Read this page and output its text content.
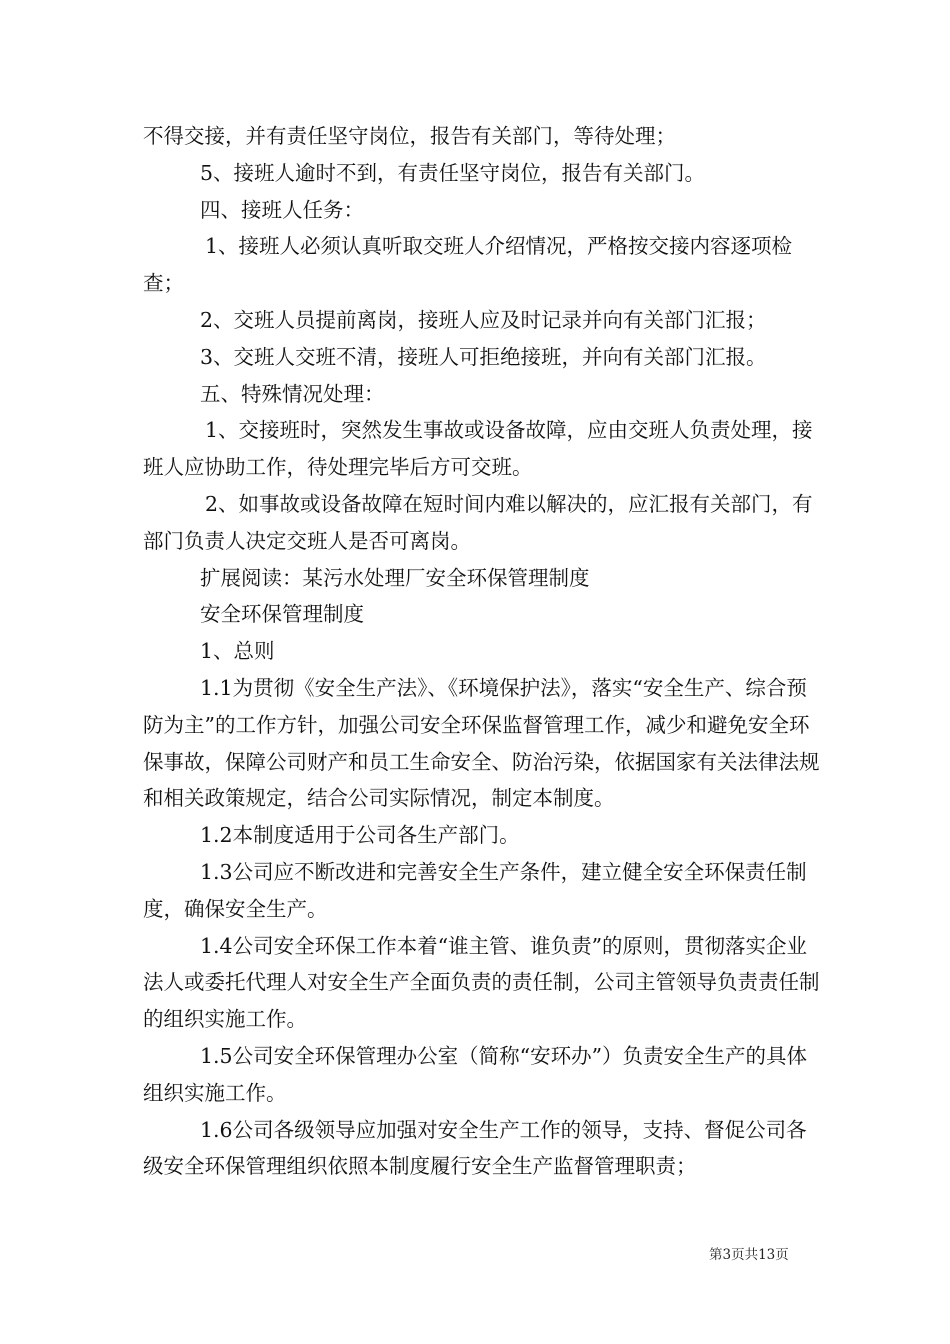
不得交接，并有责任坚守岗位，报告有关部门，等待处理；

5、接班人逾时不到，有责任坚守岗位，报告有关部门。

四、接班人任务：

1、接班人必须认真听取交班人介绍情况，严格按交接内容逐项检查；

2、交班人员提前离岗，接班人应及时记录并向有关部门汇报；

3、交班人交班不清，接班人可拒绝接班，并向有关部门汇报。

五、特殊情况处理：

1、交接班时，突然发生事故或设备故障，应由交班人负责处理，接班人应协助工作，待处理完毕后方可交班。

2、如事故或设备故障在短时间内难以解决的，应汇报有关部门，有部门负责人决定交班人是否可离岗。

扩展阅读：某污水处理厂安全环保管理制度

安全环保管理制度

1、总则

1.1为贯彻《安全生产法》、《环境保护法》，落实“安全生产、综合预防为主”的工作方针，加强公司安全环保监督管理工作，减少和避免安全环保事故，保障公司财产和员工生命安全、防治污染，依据国家有关法律法规和相关政策规定，结合公司实际情况，制定本制度。

1.2本制度适用于公司各生产部门。

1.3公司应不断改进和完善安全生产条件，建立健全安全环保责任制度，确保安全生产。

1.4公司安全环保工作本着“谁主管、谁负责”的原则，贯彻落实企业法人或委托代理人对安全生产全面负责的责任制，公司主管领导负责责任制的组织实施工作。

1.5公司安全环保管理办公室（简称“安环办”）负责安全生产的具体组织实施工作。

1.6公司各级领导应加强对安全生产工作的领导，支持、督促公司各级安全环保管理组织依照本制度履行安全生产监督管理职责；

第3页共13页
